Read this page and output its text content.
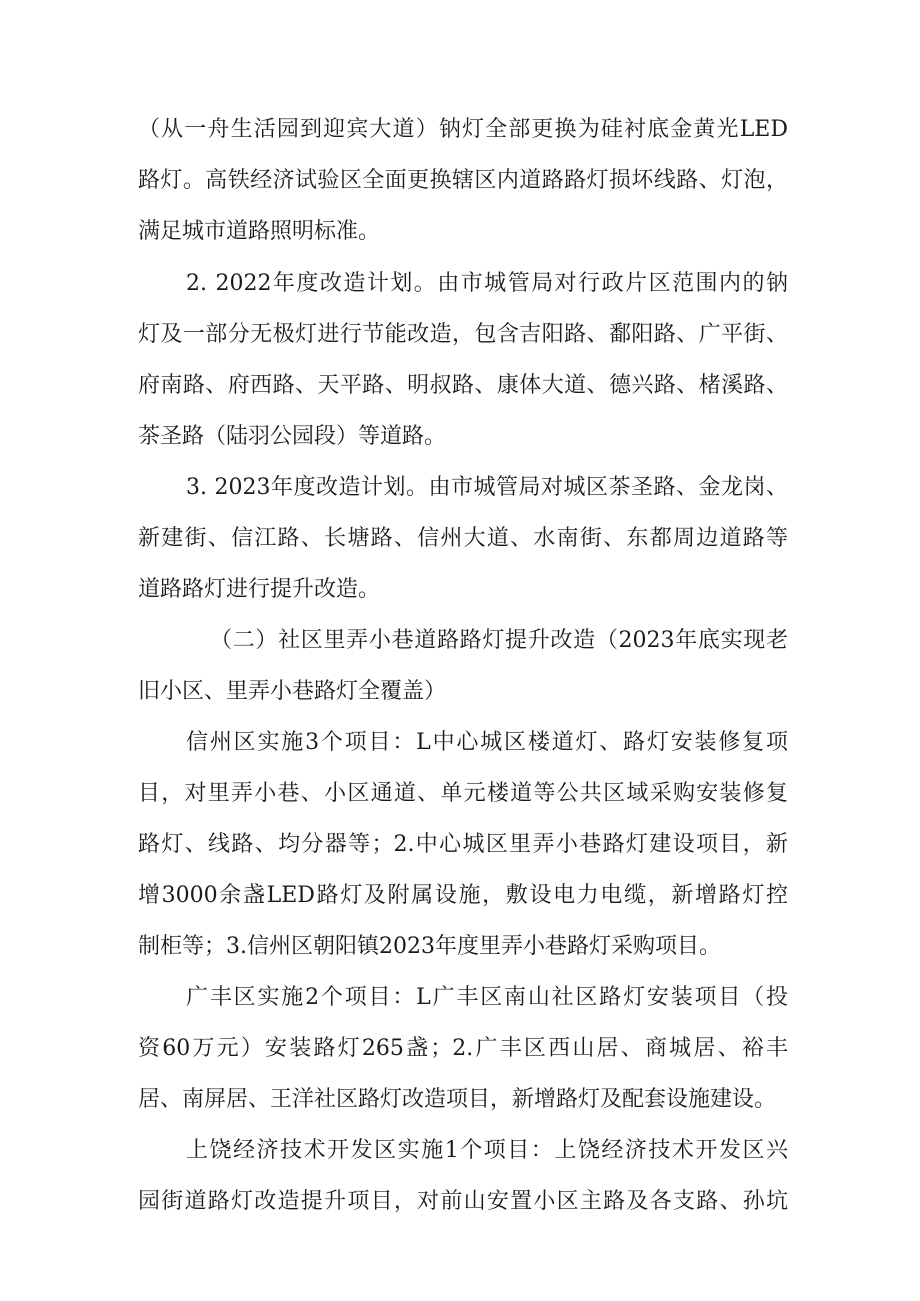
（从一舟生活园到迎宾大道）钠灯全部更换为硅衬底金黄光LED
路灯。高铁经济试验区全面更换辖区内道路路灯损坏线路、灯泡，
满足城市道路照明标准。
2. 2022年度改造计划。由市城管局对行政片区范围内的钠
灯及一部分无极灯进行节能改造，包含吉阳路、鄱阳路、广平街、
府南路、府西路、天平路、明叔路、康体大道、德兴路、楮溪路、
茶圣路（陆羽公园段）等道路。
3. 2023年度改造计划。由市城管局对城区茶圣路、金龙岗、
新建街、信江路、长塘路、信州大道、水南街、东都周边道路等
道路路灯进行提升改造。
（二）社区里弄小巷道路路灯提升改造（2023年底实现老
旧小区、里弄小巷路灯全覆盖）
信州区实施3个项目：L中心城区楼道灯、路灯安装修复项
目，对里弄小巷、小区通道、单元楼道等公共区域采购安装修复
路灯、线路、均分器等；2.中心城区里弄小巷路灯建设项目，新
增3000余盏LED路灯及附属设施，敷设电力电缆，新增路灯控
制柜等；3.信州区朝阳镇2023年度里弄小巷路灯采购项目。
广丰区实施2个项目：L广丰区南山社区路灯安装项目（投
资60万元）安装路灯265盏；2.广丰区西山居、商城居、裕丰
居、南屏居、王洋社区路灯改造项目，新增路灯及配套设施建设。
上饶经济技术开发区实施1个项目：上饶经济技术开发区兴
园街道路灯改造提升项目，对前山安置小区主路及各支路、孙坑
